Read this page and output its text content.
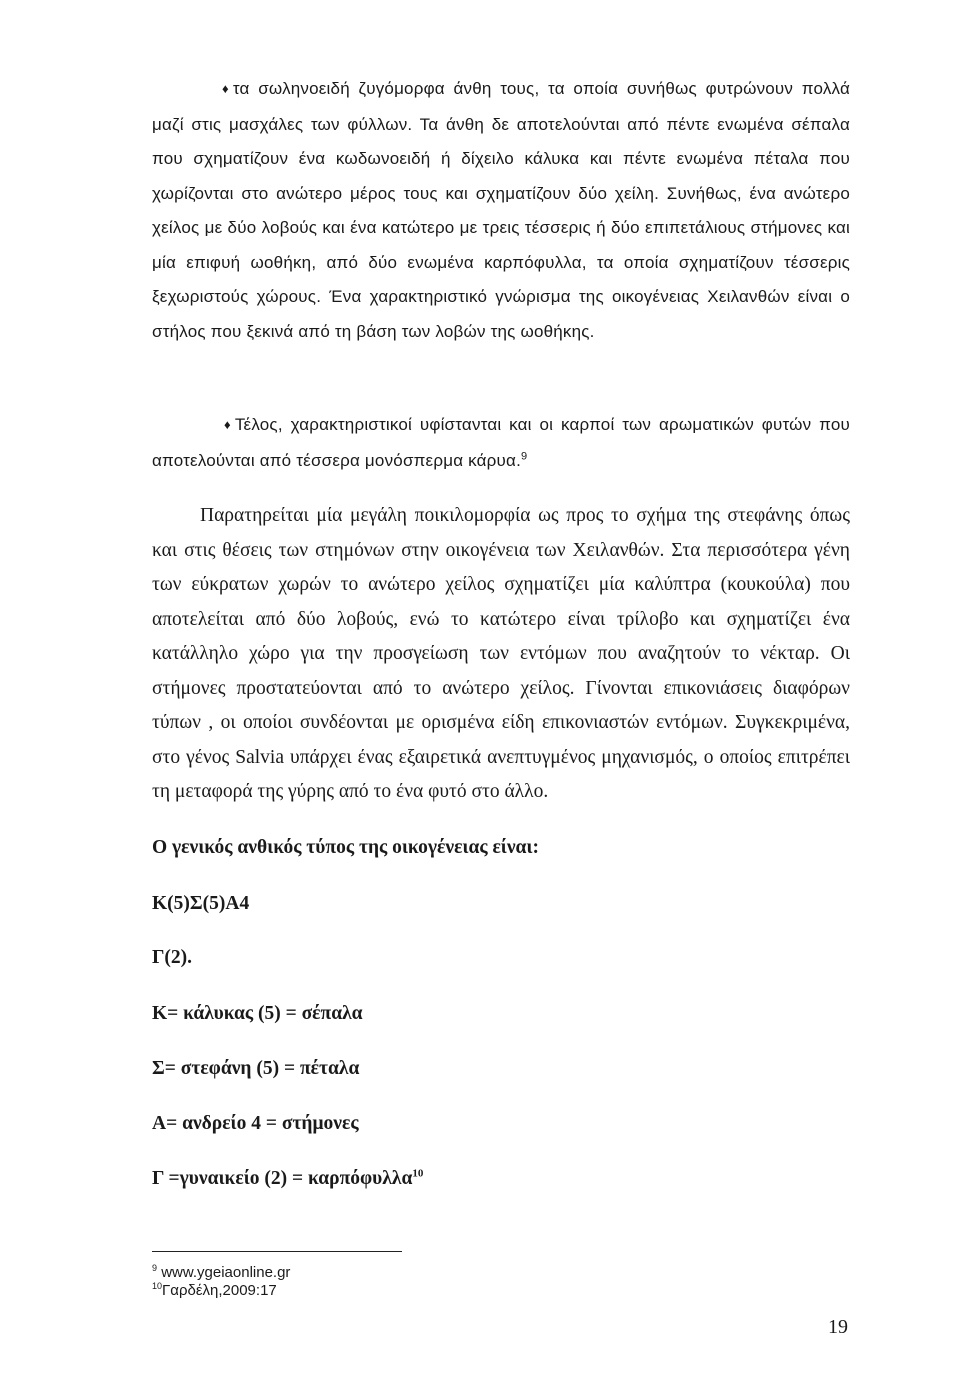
♦ τα σωληνοειδή ζυγόμορφα άνθη τους, τα οποία συνήθως φυτρώνουν πολλά μαζί στις μασχάλες των φύλλων. Τα άνθη δε αποτελούνται από πέντε ενωμένα σέπαλα που σχηματίζουν ένα κωδωνοειδή ή δίχειλο κάλυκα και πέντε ενωμένα πέταλα που χωρίζονται στο ανώτερο μέρος τους και σχηματίζουν δύο χείλη. Συνήθως, ένα ανώτερο χείλος με δύο λοβούς και ένα κατώτερο με τρεις τέσσερις ή δύο επιπετάλιους στήμονες και μία επιφυή ωοθήκη, από δύο ενωμένα καρπόφυλλα, τα οποία σχηματίζουν τέσσερις ξεχωριστούς χώρους. Ένα χαρακτηριστικό γνώρισμα της οικογένειας Χειλανθών είναι ο στήλος που ξεκινά από τη βάση των λοβών της ωοθήκης.

♦ Τέλος, χαρακτηριστικοί υφίστανται και οι καρποί των αρωματικών φυτών που αποτελούνται από τέσσερα μονόσπερμα κάρυα.$^9$

Παρατηρείται μία μεγάλη ποικιλομορφία ως προς το σχήμα της στεφάνης όπως και στις θέσεις των στημόνων στην οικογένεια των Χειλανθών. Στα περισσότερα γένη των εύκρατων χωρών το ανώτερο χείλος σχηματίζει μία καλύπτρα (κουκούλα) που αποτελείται από δύο λοβούς, ενώ το κατώτερο είναι τρίλοβο και σχηματίζει ένα κατάλληλο χώρο για την προσγείωση των εντόμων που αναζητούν το νέκταρ. Οι στήμονες προστατεύονται από το ανώτερο χείλος. Γίνονται επικονιάσεις διαφόρων τύπων , οι οποίοι συνδέονται με ορισμένα είδη επικονιαστών εντόμων. Συγκεκριμένα, στο γένος Salvia υπάρχει ένας εξαιρετικά ανεπτυγμένος μηχανισμός, ο οποίος επιτρέπει τη μεταφορά της γύρης από το ένα φυτό στο άλλο.

Ο γενικός ανθικός τύπος της οικογένειας είναι:

Κ(5)Σ(5)Α4

Γ(2).

Κ= κάλυκας (5) = σέπαλα

Σ= στεφάνη (5) = πέταλα

Α= ανδρείο 4 = στήμονες

Γ =γυναικείο (2) = καρπόφυλλα$^{10}$

$^9$ www.ygeiaonline.gr

$^{10}$Γαρδέλη,2009:17

19
